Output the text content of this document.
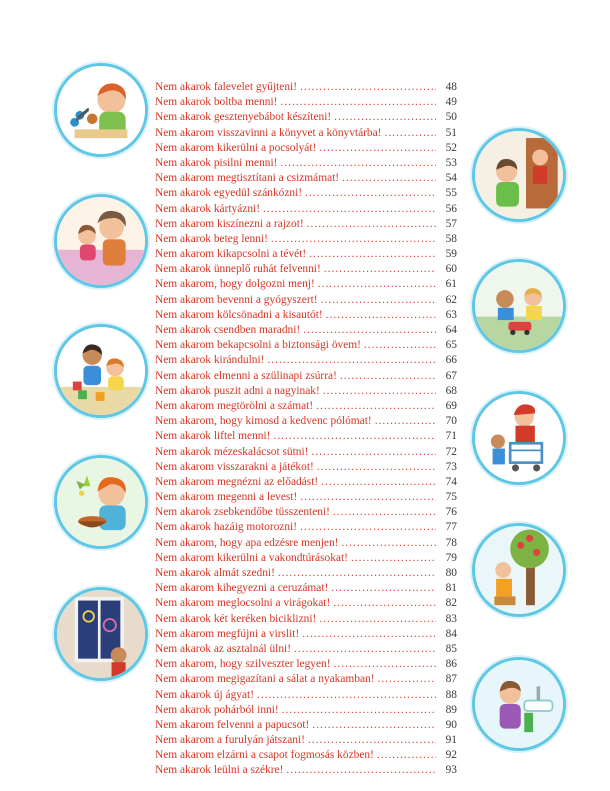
Nem akarok falevelet gyűjteni! .....	48
Nem akarok boltba menni! .....	49
Nem akarok gesztenyebábot készíteni! .....	50
Nem akarom visszavinni a könyvet a könyvtárba! .....	51
Nem akarom kikerülni a pocsolyát! .....	52
Nem akarok pisilni menni! .....	53
Nem akarom megtisztítani a csizmámat! .....	54
Nem akarok egyedül szánkózni! .....	55
Nem akarok kártyázni! .....	56
Nem akarom kiszínezni a rajzot! .....	57
Nem akarok beteg lenni! .....	58
Nem akarom kikapcsolni a tévét! .....	59
Nem akarok ünneplő ruhát felvenni! .....	60
Nem akarom, hogy dolgozni menj! .....	61
Nem akarom bevenni a gyógyszert! .....	62
Nem akarom kölcsönadni a kisautót! .....	63
Nem akarok csendben maradni! .....	64
Nem akarom bekapcsolni a biztonsági övem! .....	65
Nem akarok kirándulni! .....	66
Nem akarok elmenni a szülinapi zsúrra! .....	67
Nem akarok puszit adni a nagyinak! .....	68
Nem akarom megtörölni a számat! .....	69
Nem akarom, hogy kimosd a kedvenc pólómat! .....	70
Nem akarok liftel menni! .....	71
Nem akarok mézeskalácsot sütni! .....	72
Nem akarom visszarakni a játékot! .....	73
Nem akarom megnézni az előadást! .....	74
Nem akarom megenni a levest! .....	75
Nem akarok zsebkendőbe tüsszenteni! .....	76
Nem akarok hazáig motorozni! .....	77
Nem akarom, hogy apa edzésre menjen! .....	78
Nem akarom kikerülni a vakondtúrásokat! .....	79
Nem akarok almát szedni! .....	80
Nem akarom kihegyezni a ceruzámat! .....	81
Nem akarom meglocsolni a virágokat! .....	82
Nem akarok két keréken biciklizni! .....	83
Nem akarom megfújni a virslit! .....	84
Nem akarok az asztalnál ülni! .....	85
Nem akarom, hogy szilveszter legyen! .....	86
Nem akarom megigazítani a sálat a nyakamban! .....	87
Nem akarok új ágyat! .....	88
Nem akarok pohárból inni! .....	89
Nem akarom felvenni a papucsot! .....	90
Nem akarom a furulyán játszani! .....	91
Nem akarom elzárni a csapot fogmosás közben! .....	92
Nem akarok leülni a székre! .....	93
